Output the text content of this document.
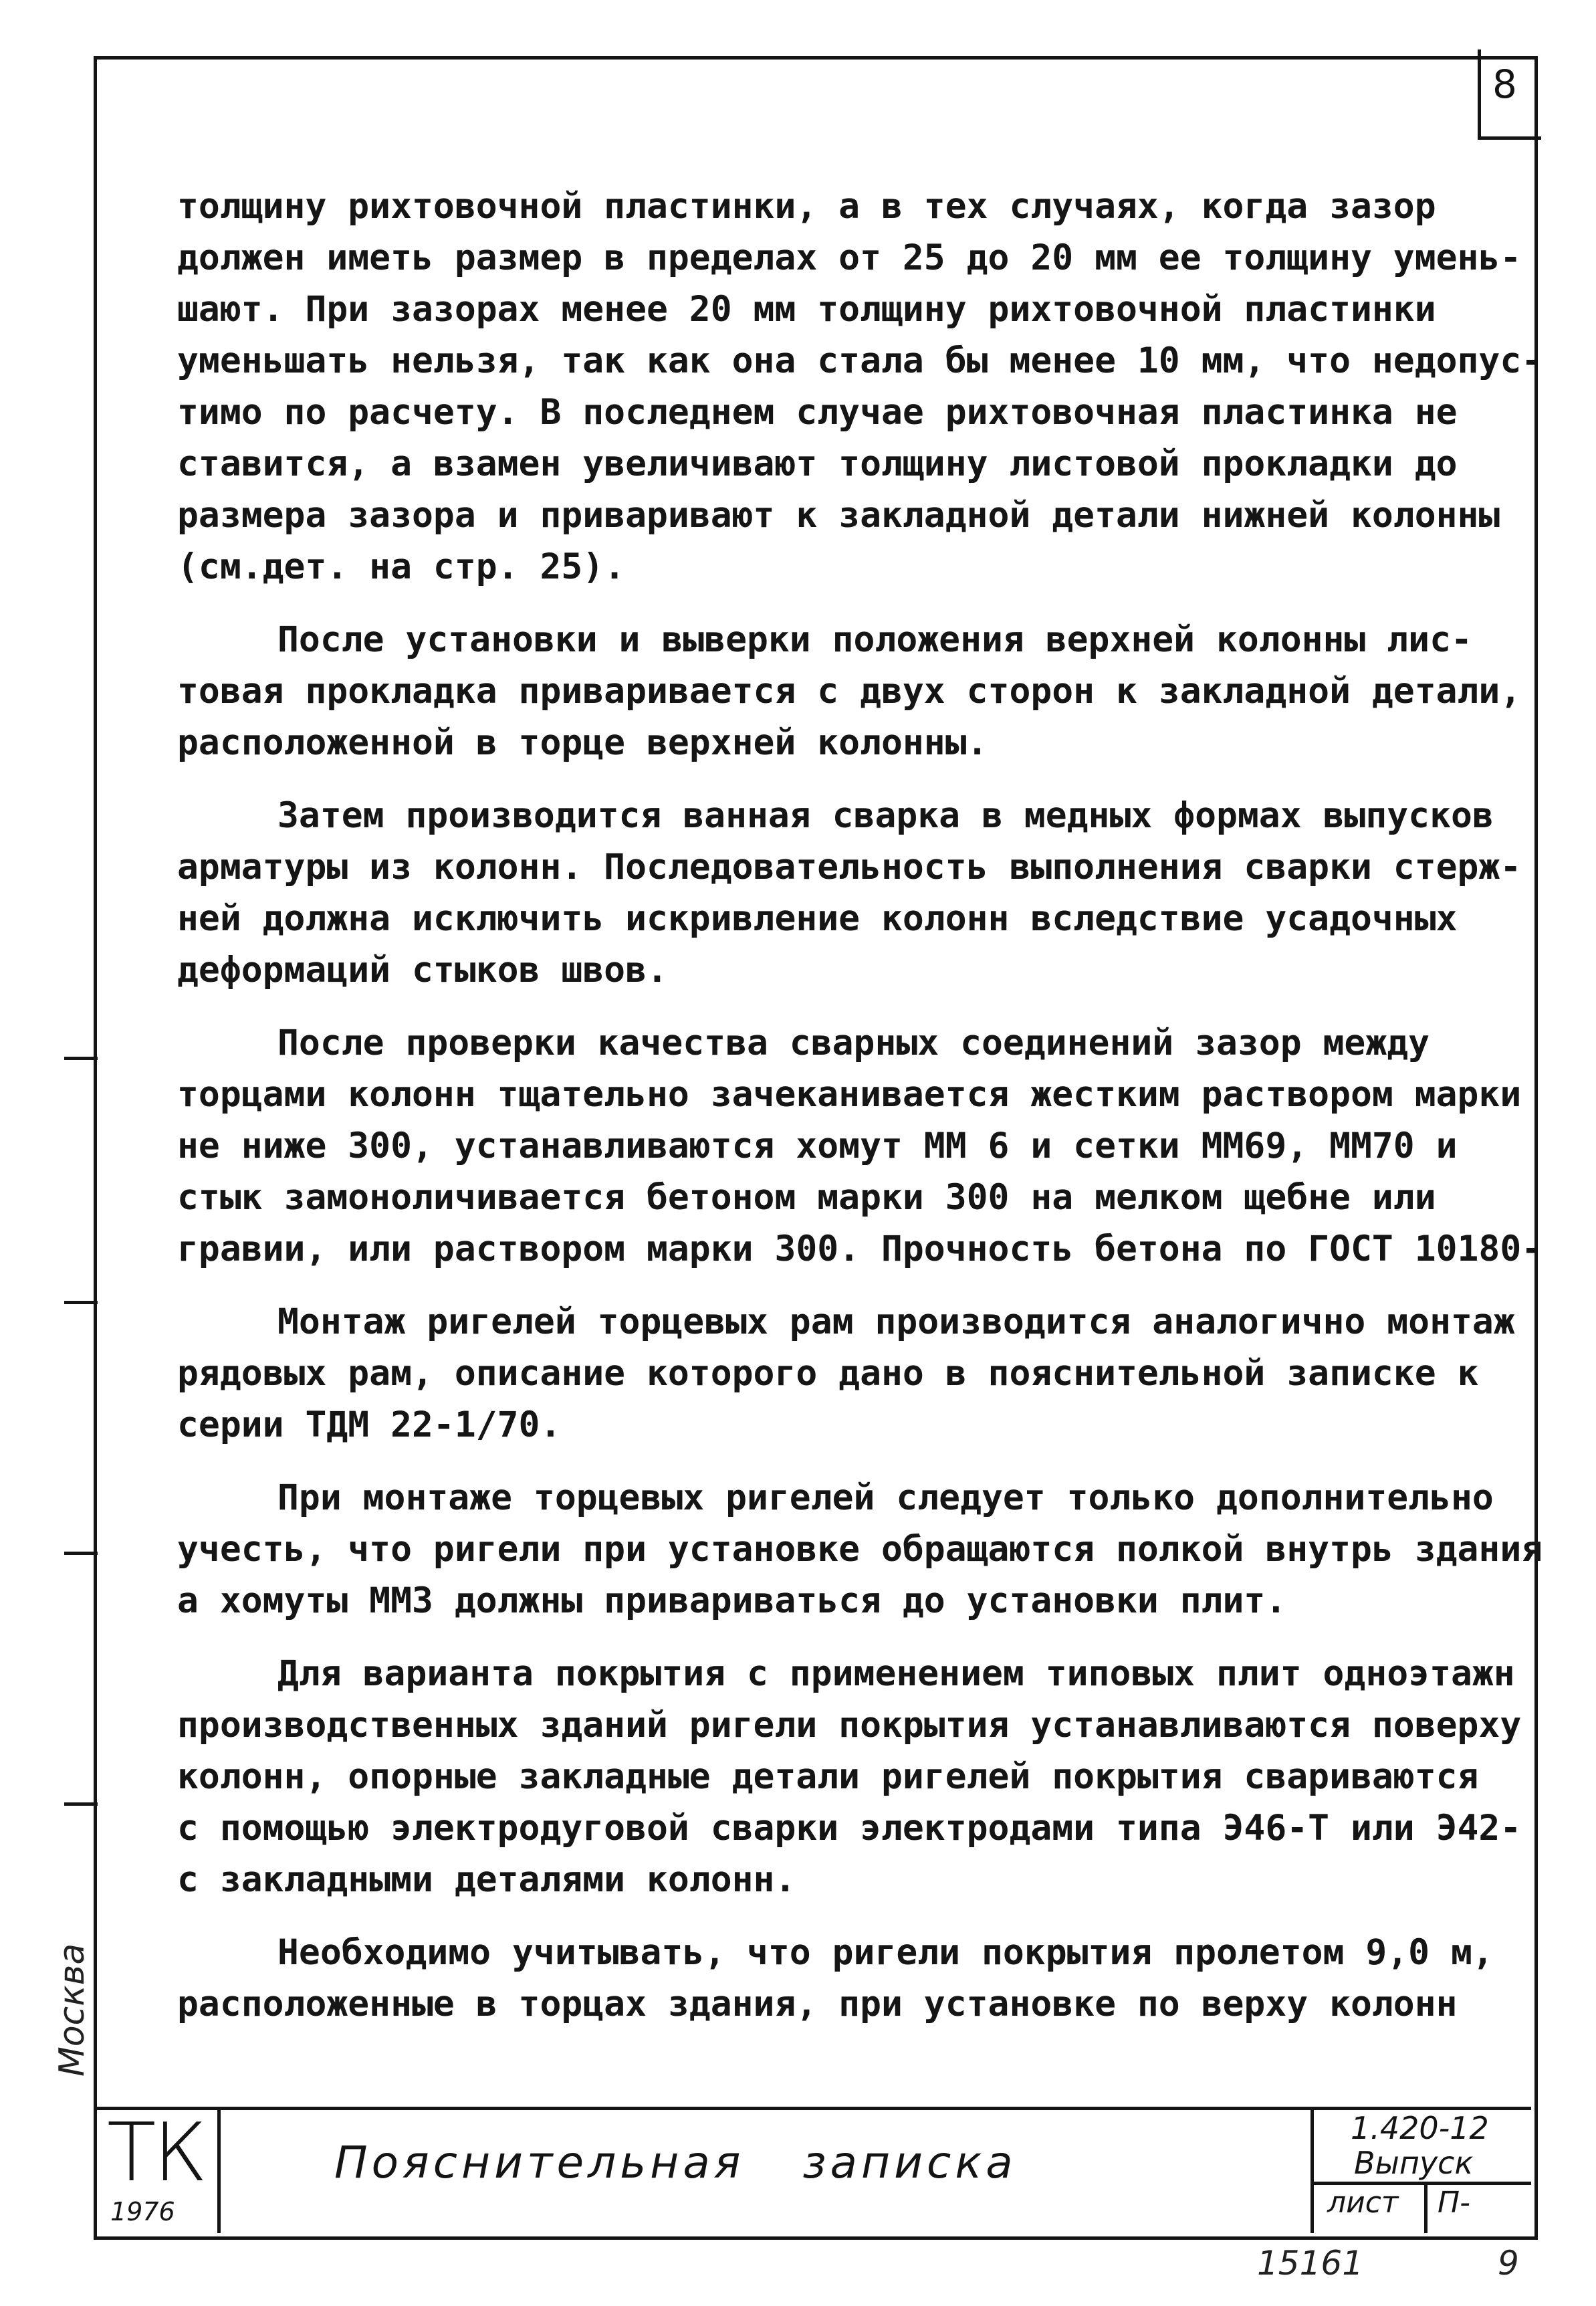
8
Москва

толщину рихтовочной пластинки, а в тех случаях, когда зазор
должен иметь размер в пределах от 25 до 20 мм ее толщину умень-
шают. При зазорах менее 20 мм толщину рихтовочной пластинки
уменьшать нельзя, так как она стала бы менее 10 мм, что недопус-
тимо по расчету. В последнем случае рихтовочная пластинка не
ставится, а взамен увеличивают толщину листовой прокладки до
размера зазора и приваривают к закладной детали нижней колонны
(см.дет. на стр. 25).

После установки и выверки положения верхней колонны лис-
товая прокладка приваривается с двух сторон к закладной детали,
расположенной в торце верхней колонны.

Затем производится ванная сварка в медных формах выпусков
арматуры из колонн. Последовательность выполнения сварки стерж-
ней должна исключить искривление колонн вследствие усадочных
деформаций стыков швов.

После проверки качества сварных соединений зазор между
торцами колонн тщательно зачеканивается жестким раствором марки
не ниже 300, устанавливаются хомут ММ 6 и сетки ММ69, ММ70 и
стык замоноличивается бетоном марки 300 на мелком щебне или
гравии, или раствором марки 300. Прочность бетона по ГОСТ 10180-

Монтаж ригелей торцевых рам производится аналогично монтаж
рядовых рам, описание которого дано в пояснительной записке к
серии ТДМ 22-1/70.

При монтаже торцевых ригелей следует только дополнительно
учесть, что ригели при установке обращаются полкой внутрь здания
а хомуты ММ3 должны привариваться до установки плит.

Для варианта покрытия с применением типовых плит одноэтажн
производственных зданий ригели покрытия устанавливаются поверху
колонн, опорные закладные детали ригелей покрытия свариваются
с помощью электродуговой сварки электродами типа Э46-Т или Э42-
с закладными деталями колонн.

Необходимо учитывать, что ригели покрытия пролетом 9,0 м,
расположенные в торцах здания, при установке по верху колонн

ТК
1976
Пояснительная записка
1.420-12
Выпуск
лист П-
15161	9
